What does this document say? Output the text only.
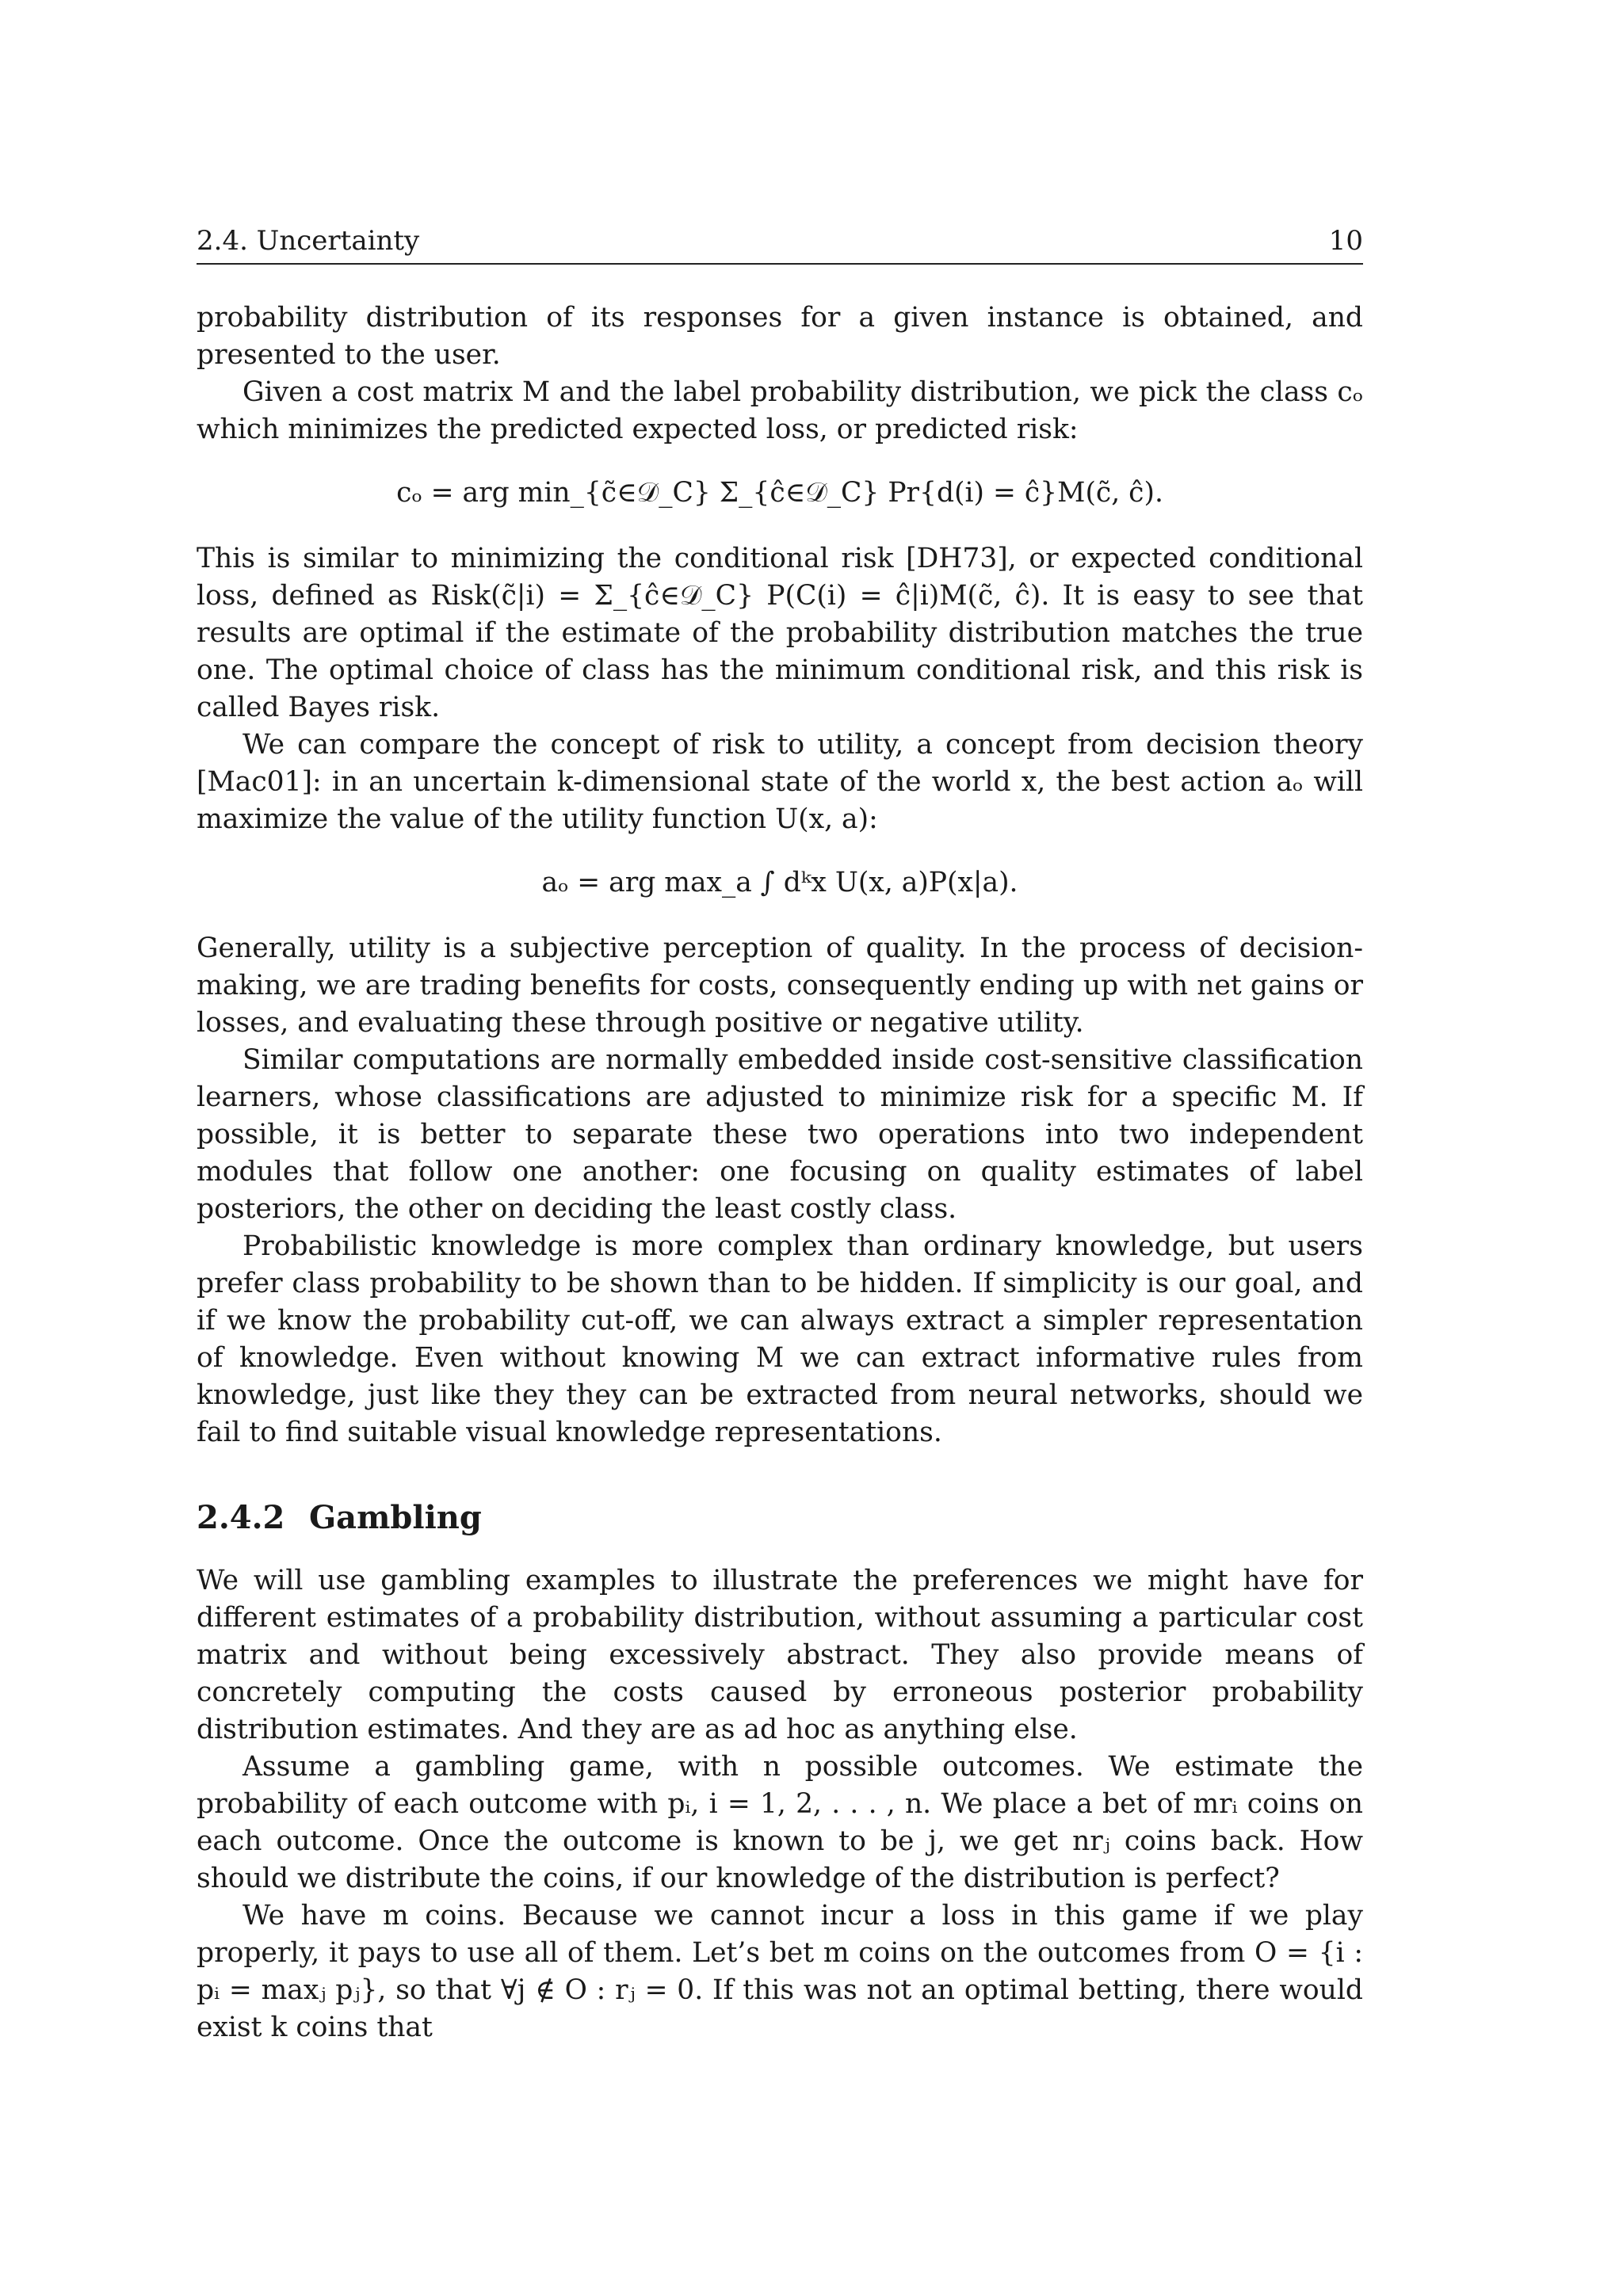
2.4. Uncertainty	10

probability distribution of its responses for a given instance is obtained, and presented to the user.

Given a cost matrix M and the label probability distribution, we pick the class cₒ which minimizes the predicted expected loss, or predicted risk:

cₒ = arg min_{c̃∈𝒟_C} Σ_{ĉ∈𝒟_C} Pr{d(i) = ĉ}M(c̃, ĉ).

This is similar to minimizing the conditional risk [DH73], or expected conditional loss, defined as Risk(c̃|i) = Σ_{ĉ∈𝒟_C} P(C(i) = ĉ|i)M(c̃, ĉ). It is easy to see that results are optimal if the estimate of the probability distribution matches the true one. The optimal choice of class has the minimum conditional risk, and this risk is called Bayes risk.

We can compare the concept of risk to utility, a concept from decision theory [Mac01]: in an uncertain k-dimensional state of the world x, the best action aₒ will maximize the value of the utility function U(x, a):

aₒ = arg max_a ∫ dᵏx U(x, a)P(x|a).

Generally, utility is a subjective perception of quality. In the process of decision-making, we are trading benefits for costs, consequently ending up with net gains or losses, and evaluating these through positive or negative utility.

Similar computations are normally embedded inside cost-sensitive classification learners, whose classifications are adjusted to minimize risk for a specific M. If possible, it is better to separate these two operations into two independent modules that follow one another: one focusing on quality estimates of label posteriors, the other on deciding the least costly class.

Probabilistic knowledge is more complex than ordinary knowledge, but users prefer class probability to be shown than to be hidden. If simplicity is our goal, and if we know the probability cut-off, we can always extract a simpler representation of knowledge. Even without knowing M we can extract informative rules from knowledge, just like they they can be extracted from neural networks, should we fail to find suitable visual knowledge representations.

2.4.2 Gambling

We will use gambling examples to illustrate the preferences we might have for different estimates of a probability distribution, without assuming a particular cost matrix and without being excessively abstract. They also provide means of concretely computing the costs caused by erroneous posterior probability distribution estimates. And they are as ad hoc as anything else.

Assume a gambling game, with n possible outcomes. We estimate the probability of each outcome with pᵢ, i = 1, 2, . . . , n. We place a bet of mrᵢ coins on each outcome. Once the outcome is known to be j, we get nrⱼ coins back. How should we distribute the coins, if our knowledge of the distribution is perfect?

We have m coins. Because we cannot incur a loss in this game if we play properly, it pays to use all of them. Let’s bet m coins on the outcomes from O = {i : pᵢ = maxⱼ pⱼ}, so that ∀j ∉ O : rⱼ = 0. If this was not an optimal betting, there would exist k coins that
